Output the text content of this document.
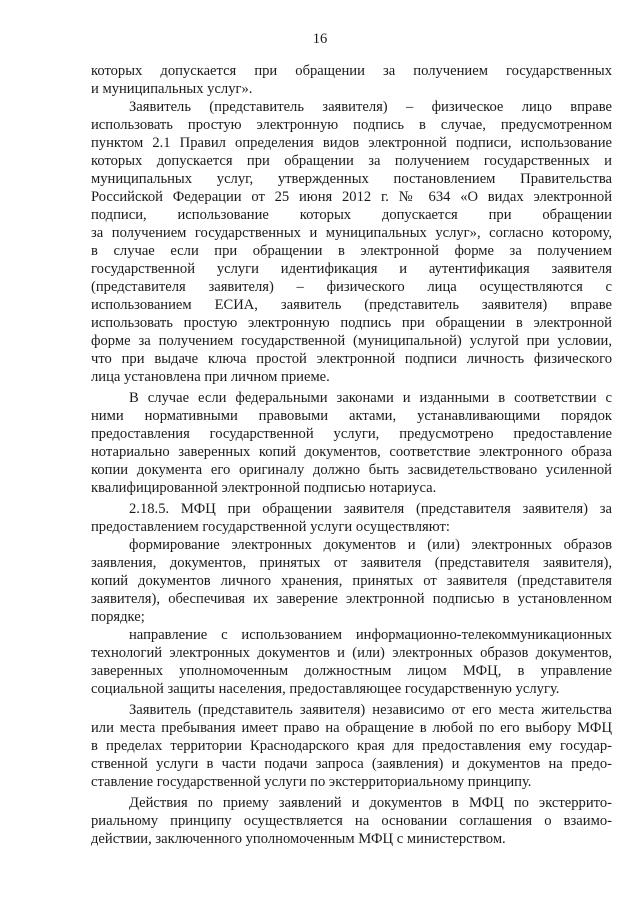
16
которых допускается при обращении за получением государственных
и муниципальных услуг».
Заявитель (представитель заявителя) – физическое лицо вправе
использовать простую электронную подпись в случае, предусмотренном
пунктом 2.1 Правил определения видов электронной подписи, использование
которых допускается при обращении за получением государственных и
муниципальных услуг, утвержденных постановлением Правительства
Российской Федерации от 25 июня 2012 г. № 634 «О видах электронной
подписи, использование которых допускается при обращении
за получением государственных и муниципальных услуг», согласно которому,
в случае если при обращении в электронной форме за получением
государственной услуги идентификация и аутентификация заявителя
(представителя заявителя) – физического лица осуществляются с
использованием ЕСИА, заявитель (представитель заявителя) вправе
использовать простую электронную подпись при обращении в электронной
форме за получением государственной (муниципальной) услугой при условии,
что при выдаче ключа простой электронной подписи личность физического
лица установлена при личном приеме.
В случае если федеральными законами и изданными в соответствии с
ними нормативными правовыми актами, устанавливающими порядок
предоставления государственной услуги, предусмотрено предоставление
нотариально заверенных копий документов, соответствие электронного образа
копии документа его оригиналу должно быть засвидетельствовано усиленной
квалифицированной электронной подписью нотариуса.
2.18.5. МФЦ при обращении заявителя (представителя заявителя) за
предоставлением государственной услуги осуществляют:
формирование электронных документов и (или) электронных образов
заявления, документов, принятых от заявителя (представителя заявителя),
копий документов личного хранения, принятых от заявителя (представителя
заявителя), обеспечивая их заверение электронной подписью в установленном
порядке;
направление с использованием информационно-телекоммуникационных
технологий электронных документов и (или) электронных образов документов,
заверенных уполномоченным должностным лицом МФЦ, в управление
социальной защиты населения, предоставляющее государственную услугу.
Заявитель (представитель заявителя) независимо от его места жительства
или места пребывания имеет право на обращение в любой по его выбору МФЦ
в пределах территории Краснодарского края для предоставления ему государ-
ственной услуги в части подачи запроса (заявления) и документов на предо-
ставление государственной услуги по экстерриториальному принципу.
Действия по приему заявлений и документов в МФЦ по экстеррито-
риальному принципу осуществляется на основании соглашения о взаимо-
действии, заключенного уполномоченным МФЦ с министерством.
